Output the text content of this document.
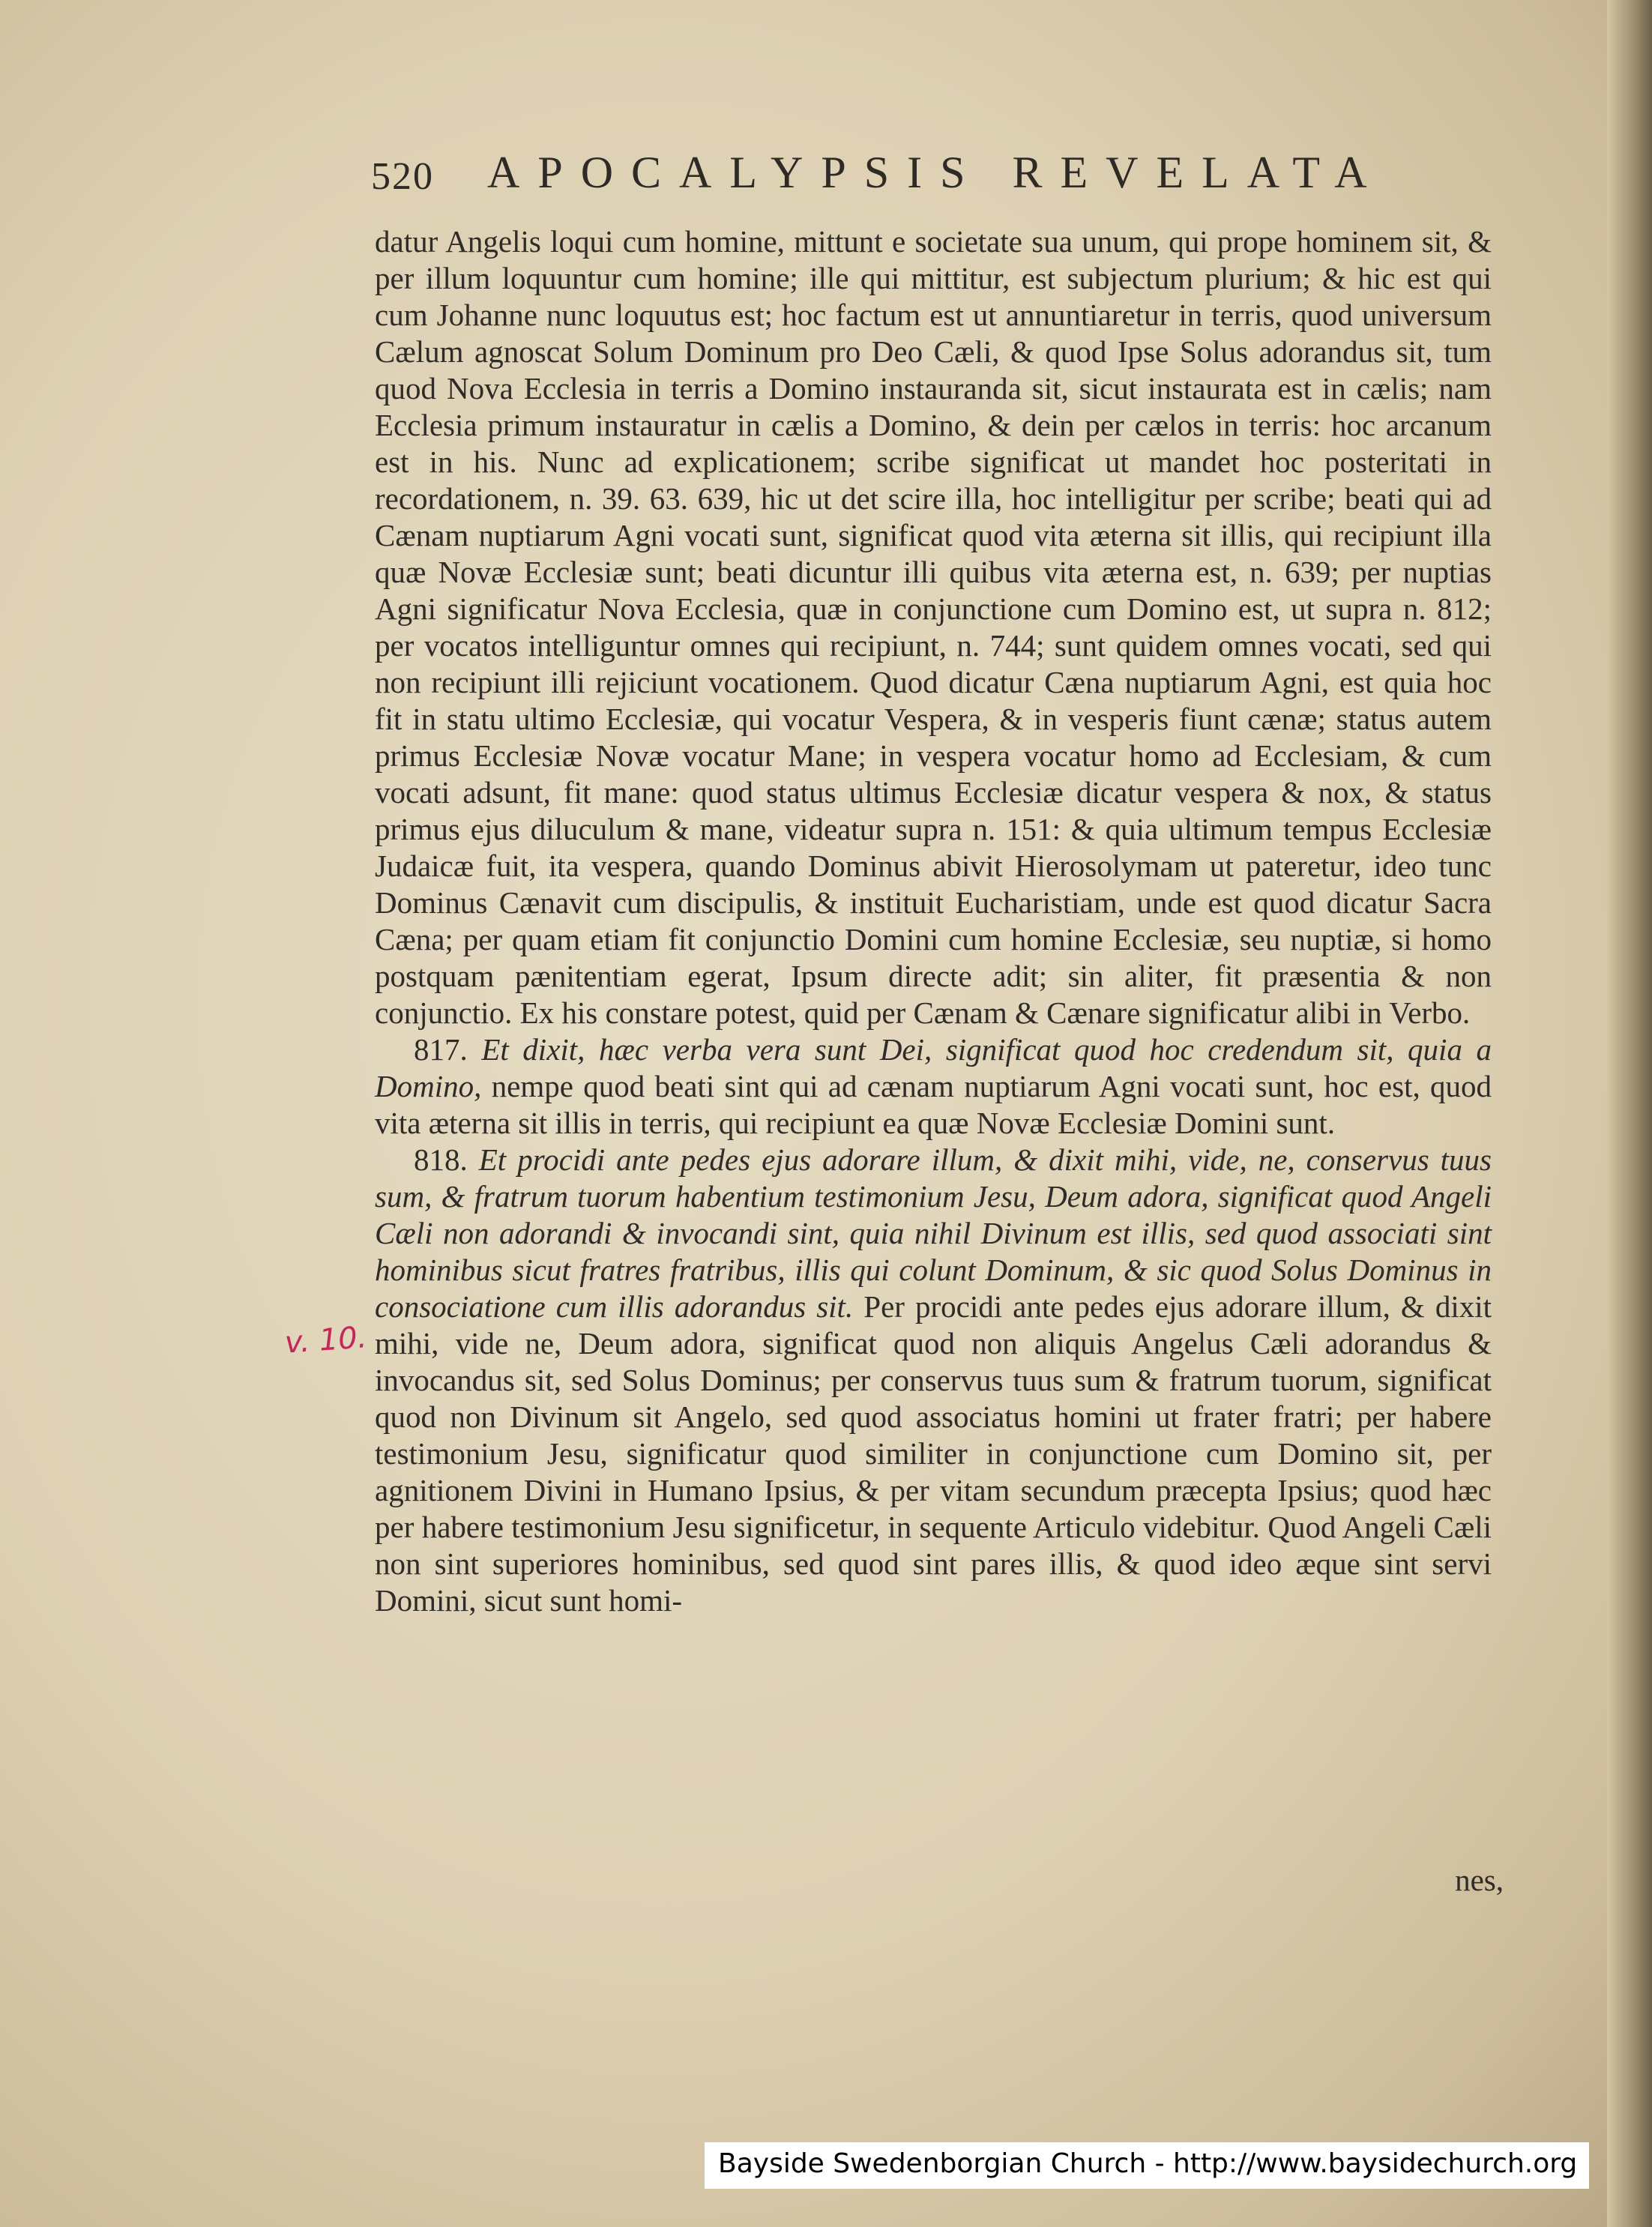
520 APOCALYPSIS REVELATA
v. 10.

datur Angelis loqui cum homine, mittunt e societate sua unum, qui prope hominem sit, & per illum loquuntur cum homine; ille qui mittitur, est subjectum plurium; & hic est qui cum Johanne nunc loquutus est; hoc factum est ut annuntiaretur in terris, quod universum Cælum agnoscat Solum Dominum pro Deo Cæli, & quod Ipse Solus adorandus sit, tum quod Nova Ecclesia in terris a Domino instauranda sit, sicut instaurata est in cælis; nam Ecclesia primum instauratur in cælis a Domino, & dein per cælos in terris: hoc arcanum est in his. Nunc ad explicationem; scribe significat ut mandet hoc posteritati in recordationem, n. 39. 63. 639, hic ut det scire illa, hoc intelligitur per scribe; beati qui ad Cænam nuptiarum Agni vocati sunt, significat quod vita æterna sit illis, qui recipiunt illa quæ Novæ Ecclesiæ sunt; beati dicuntur illi quibus vita æterna est, n. 639; per nuptias Agni significatur Nova Ecclesia, quæ in conjunctione cum Domino est, ut supra n. 812; per vocatos intelliguntur omnes qui recipiunt, n. 744; sunt quidem omnes vocati, sed qui non recipiunt illi rejiciunt vocationem. Quod dicatur Cæna nuptiarum Agni, est quia hoc fit in statu ultimo Ecclesiæ, qui vocatur Vespera, & in vesperis fiunt cænæ; status autem primus Ecclesiæ Novæ vocatur Mane; in vespera vocatur homo ad Ecclesiam, & cum vocati adsunt, fit mane: quod status ultimus Ecclesiæ dicatur vespera & nox, & status primus ejus diluculum & mane, videatur supra n. 151: & quia ultimum tempus Ecclesiæ Judaicæ fuit, ita vespera, quando Dominus abivit Hierosolymam ut pateretur, ideo tunc Dominus Cænavit cum discipulis, & instituit Eucharistiam, unde est quod dicatur Sacra Cæna; per quam etiam fit conjunctio Domini cum homine Ecclesiæ, seu nuptiæ, si homo postquam pænitentiam egerat, Ipsum directe adit; sin aliter, fit præsentia & non conjunctio. Ex his constare potest, quid per Cænam & Cænare significatur alibi in Verbo.

817. Et dixit, hæc verba vera sunt Dei, significat quod hoc credendum sit, quia a Domino, nempe quod beati sint qui ad cænam nuptiarum Agni vocati sunt, hoc est, quod vita æterna sit illis in terris, qui recipiunt ea quæ Novæ Ecclesiæ Domini sunt.

818. Et procidi ante pedes ejus adorare illum, & dixit mihi, vide, ne, conservus tuus sum, & fratrum tuorum habentium testimonium Jesu, Deum adora, significat quod Angeli Cæli non adorandi & invocandi sint, quia nihil Divinum est illis, sed quod associati sint hominibus sicut fratres fratribus, illis qui colunt Dominum, & sic quod Solus Dominus in consociatione cum illis adorandus sit. Per procidi ante pedes ejus adorare illum, & dixit mihi, vide ne, Deum adora, significat quod non aliquis Angelus Cæli adorandus & invocandus sit, sed Solus Dominus; per conservus tuus sum & fratrum tuorum, significat quod non Divinum sit Angelo, sed quod associatus homini ut frater fratri; per habere testimonium Jesu, significatur quod similiter in conjunctione cum Domino sit, per agnitionem Divini in Humano Ipsius, & per vitam secundum præcepta Ipsius; quod hæc per habere testimonium Jesu significetur, in sequente Articulo videbitur. Quod Angeli Cæli non sint superiores hominibus, sed quod sint pares illis, & quod ideo æque sint servi Domini, sicut sunt homi-

nes,
Bayside Swedenborgian Church - http://www.baysidechurch.org
